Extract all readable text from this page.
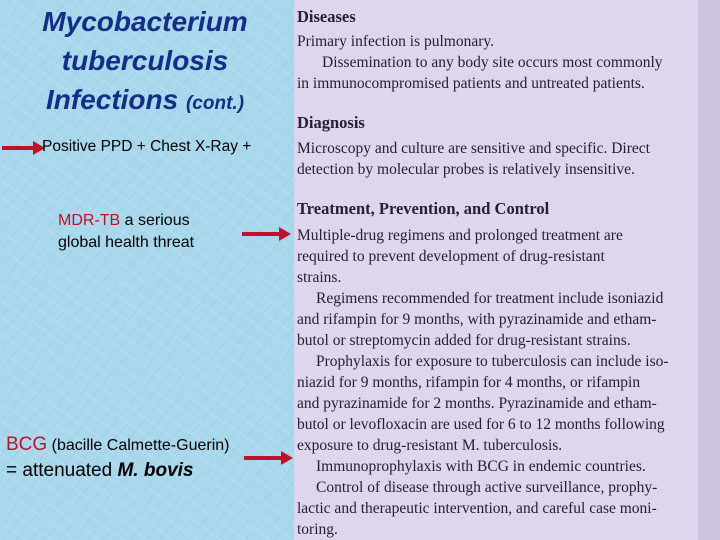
Mycobacterium
tuberculosis
Infections (cont.)
Positive PPD + Chest X-Ray +
MDR-TB a serious
global health threat
BCG (bacille Calmette-Guerin)
= attenuated M. bovis
Diseases
Primary infection is pulmonary.
Dissemination to any body site occurs most commonly
in immunocompromised patients and untreated patients.
Diagnosis
Microscopy and culture are sensitive and specific. Direct
detection by molecular probes is relatively insensitive.
Treatment, Prevention, and Control
Multiple-drug regimens and prolonged treatment are
required to prevent development of drug-resistant
strains.
Regimens recommended for treatment include isoniazid
and rifampin for 9 months, with pyrazinamide and etham-
butol or streptomycin added for drug-resistant strains.
Prophylaxis for exposure to tuberculosis can include iso-
niazid for 9 months, rifampin for 4 months, or rifampin
and pyrazinamide for 2 months. Pyrazinamide and etham-
butol or levofloxacin are used for 6 to 12 months following
exposure to drug-resistant M. tuberculosis.
Immunoprophylaxis with BCG in endemic countries.
Control of disease through active surveillance, prophy-
lactic and therapeutic intervention, and careful case moni-
toring.
